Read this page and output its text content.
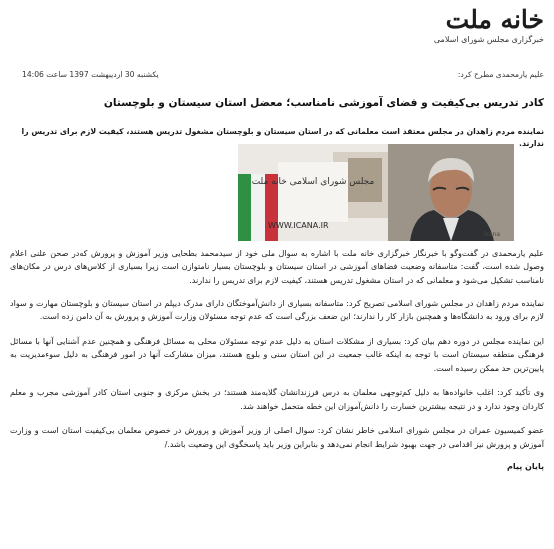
خانه ملت
خبرگزاری مجلس شورای اسلامی
علیم یارمحمدی مطرح کرد:
یکشنبه 30 اردیبهشت 1397 ساعت 14:06
کادر تدریس بی‌کیفیت و فضای آموزشی نامناسب؛ معضل استان سیستان و بلوچستان
نماینده مردم زاهدان در مجلس معتقد است معلمانی که در استان سیستان و بلوچستان مشغول تدریس هستند، کیفیت لازم برای تدریس را ندارند.
مجلس شورای اسلامی خانه ملت
WWW.ICANA.IR
icana

علیم یارمحمدی در گفت‌وگو با خبرنگار خبرگزاری خانه ملت با اشاره به سوال ملی خود از سیدمحمد بطحایی وزیر آموزش و پرورش که‌در صحن علنی اعلام وصول شده است، گفت: متاسفانه وضعیت فضاهای آموزشی در استان سیستان و بلوچستان بسیار نامتوازن است زیرا بسیاری از کلاس‌های درس در مکان‌های نامناسب تشکیل می‌شود و معلمانی که در استان مشغول تدریس هستند، کیفیت لازم برای تدریس را ندارند.

نماینده مردم زاهدان در مجلس شورای اسلامی تصریح کرد: متاسفانه بسیاری از دانش‌آموختگان دارای مدرک دیپلم در استان سیستان و بلوچستان مهارت و سواد لازم برای ورود به دانشگاه‌ها و همچنین بازار کار را ندارند؛ این ضعف بزرگی است که عدم توجه مسئولان وزارت آموزش و پرورش به آن دامن زده است.

این نماینده مجلس در دوره دهم بیان کرد: بسیاری از مشکلات استان به دلیل عدم توجه مسئولان محلی به مسائل فرهنگی و همچنین عدم آشنایی آنها با مسائل فرهنگی منطقه سیستان است با توجه به اینکه غالب جمعیت در این استان سنی و بلوچ هستند، میزان مشارکت آنها در امور فرهنگی به دلیل سوءمدیریت به پایین‌ترین حد ممکن رسیده است.

وی تأکید کرد: اغلب خانواده‌ها به دلیل کم‌توجهی معلمان به درس فرزندانشان گلایه‌مند هستند؛ در بخش مرکزی و جنوبی استان کادر آموزشی مجرب و معلم کاردان وجود ندارد و در نتیجه بیشترین خسارت را دانش‌آموزان این خطه متحمل خواهند شد.

عضو کمیسیون عمران در مجلس شورای اسلامی خاطر نشان کرد: سوال اصلی از وزیر آموزش و پرورش در خصوص معلمان بی‌کیفیت استان است و وزارت آموزش و پرورش نیز اقدامی در جهت بهبود شرایط انجام نمی‌دهد و بنابراین وزیر باید پاسخگوی این وضعیت باشد./

پایان پیام
